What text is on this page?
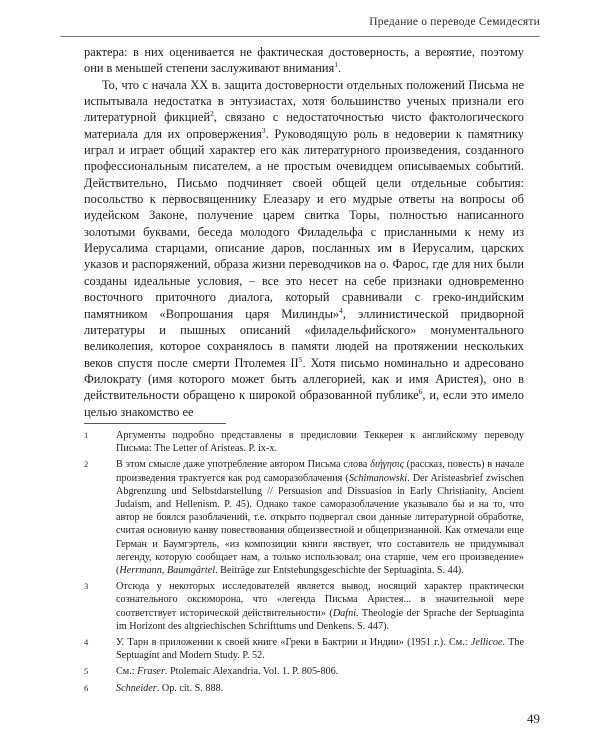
Предание о переводе Семидесяти

рактера: в них оценивается не фактическая достоверность, а вероятие, поэтому они в меньшей степени заслуживают внимания$^1$.

То, что с начала XX в. защита достоверности отдельных положений Письма не испытывала недостатка в энтузиастах, хотя большинство ученых признали его литературной фикцией$^2$, связано с недостаточностью чисто фактологического материала для их опровержения$^3$. Руководящую роль в недоверии к памятнику играл и играет общий характер его как литературного произведения, созданного профессиональным писателем, а не простым очевидцем описываемых событий. Действительно, Письмо подчиняет своей общей цели отдельные события: посольство к первосвященнику Елеазару и его мудрые ответы на вопросы об иудейском Законе, получение царем свитка Торы, полностью написанного золотыми буквами, беседа молодого Филадельфа с присланными к нему из Иерусалима старцами, описание даров, посланных им в Иерусалим, царских указов и распоряжений, образа жизни переводчиков на о. Фарос, где для них были созданы идеальные условия, – все это несет на себе признаки одновременно восточного приточного диалога, который сравнивали с греко-индийским памятником «Вопрошания царя Милинды»$^4$, эллинистической придворной литературы и пышных описаний «филадельфийского» монументального великолепия, которое сохранялось в памяти людей на протяжении нескольких веков спустя после смерти Птолемея $II^5$. Хотя письмо номинально и адресовано Филократу (имя которого может быть аллегорией, как и имя Аристея), оно в действительности обращено к широкой образованной публике$^6$, и, если это имело целью знакомство ее

1	Аргументы подробно представлены в предисловии Теккерея к английскому переводу Письма: The Letter of Aristeas. P. ix-x.
2	В этом смысле даже употребление автором Письма слова διήγησις (рассказ, повесть) в начале произведения трактуется как род саморазоблачения (Schimanowski. Der Aristeasbrief zwischen Abgrenzung und Selbstdarstellung // Persuasion and Dissuasion in Early Christianity, Ancient Judaism, and Hellenism. P. 45). Однако такое саморазоблачение указывало бы и на то, что автор не боялся разоблачений, т.е. открыто подвергал свои данные литературной обработке, считая основную канву повествования общеизвестной и общепризнанной. Как отмечали еще Герман и Баумгэртель, «из композиции книги явствует, что составитель не придумывал легенду, которую сообщает нам, а только использовал; она старше, чем его произведение» (Herrmann, Baumgärtel. Beiträge zur Entstehungsgeschichte der Septuaginta. S. 44).
3	Отсюда у некоторых исследователей является вывод, носящий характер практически сознательного оксюморона, что «легенда Письма Аристея... в значительной мере соответствует исторической действительности» (Dafni. Theologie der Sprache der Septuaginta im Horizont des altgriechischen Schrifttums und Denkens. S. 447).
4	У. Тарн в приложении к своей книге «Греки в Бактрии и Индии» (1951 г.). См.: Jellicoe. The Septuagint and Modern Study. P. 52.
5	См.: Fraser. Ptolemaic Alexandria. Vol. 1. P. 805-806.
6	Schneider. Op. cit. S. 888.
49
